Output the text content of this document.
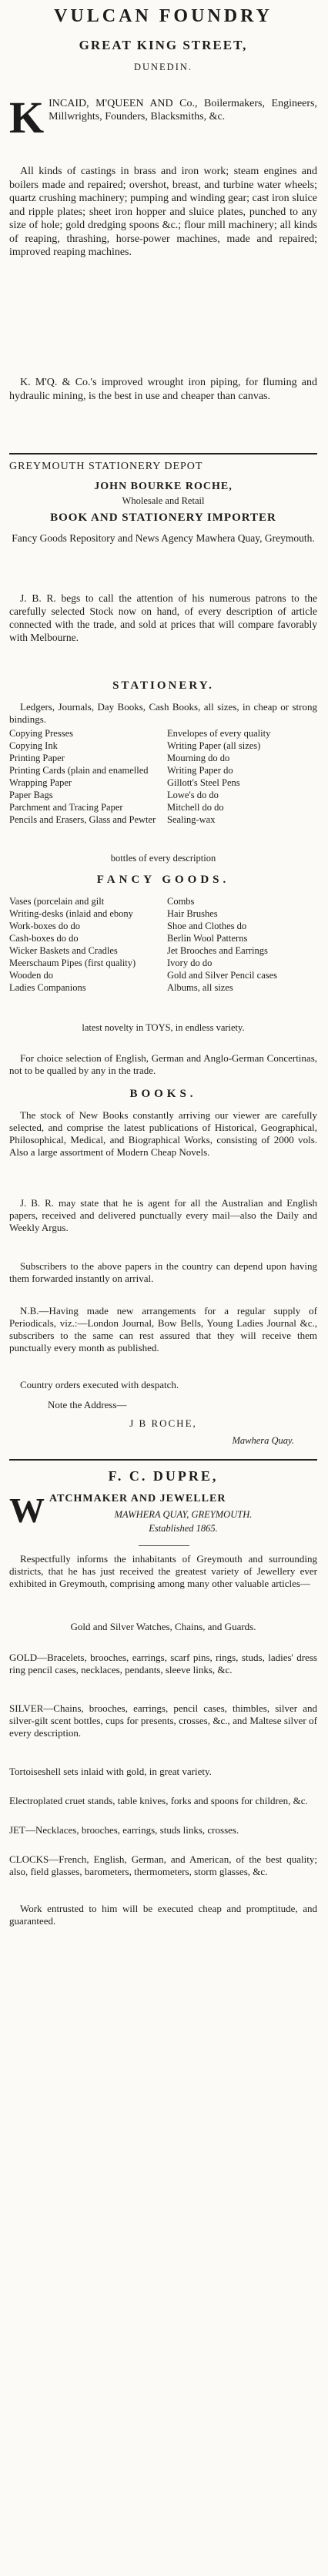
VULCAN FOUNDRY
GREAT KING STREET,
DUNEDIN.
K INCAID, M'QUEEN AND Co., Boilermakers, Engineers, Millwrights, Founders, Blacksmiths, &c.
All kinds of castings in brass and iron work; steam engines and boilers made and repaired; overshot, breast, and turbine water wheels; quartz crushing machinery; pumping and winding gear; cast iron sluice and ripple plates; sheet iron hopper and sluice plates, punched to any size of hole; gold dredging spoons &c.; flour mill machinery; all kinds of reaping, thrashing, horse-power machines, made and repaired; improved reaping machines.
K. M'Q. & Co.'s improved wrought iron piping, for fluming and hydraulic mining, is the best in use and cheaper than canvas.
GREYMOUTH STATIONERY DEPOT
JOHN BOURKE ROCHE,
Wholesale and Retail
BOOK AND STATIONERY IMPORTER
Fancy Goods Repository and News Agency Mawhera Quay, Greymouth.
J. B. R. begs to call the attention of his numerous patrons to the carefully selected Stock now on hand, of every description of article connected with the trade, and sold at prices that will compare favorably with Melbourne.
STATIONERY.
Ledgers, Journals, Day Books, Cash Books, all sizes, in cheap or strong bindings.
Copying Presses
Copying Ink
Printing Paper
Printing Cards (plain and enamelled
Wrapping Paper
Paper Bags
Parchment and Tracing Paper
Pencils and Erasers, Glass and Pewter
Envelopes of every quality
Writing Paper (all sizes)
Mourning do do
Writing Paper do
Gillott's Steel Pens
Lowe's do do
Mitchell do do
Sealing-wax
bottles of every description
FANCY GOODS.
Vases (porcelain and gilt
Writing-desks (inlaid and ebony
Work-boxes do do
Cash-boxes do do
Wicker Baskets and Cradles
Meerschaum Pipes (first quality)
Wooden do
Ladies Companions
Combs
Hair Brushes
Shoe and Clothes do
Berlin Wool Patterns
Jet Brooches and Earrings
Ivory do do
Gold and Silver Pencil cases
Albums, all sizes
latest novelty in TOYS, in endless variety.
For choice selection of English, German and Anglo-German Concertinas, not to be qualled by any in the trade.
BOOKS.
The stock of New Books constantly arriving our viewer are carefully selected, and comprise the latest publications of Historical, Geographical, Philosophical, Medical, and Biographical Works, consisting of 2000 vols. Also a large assortment of Modern Cheap Novels.
J. B. R. may state that he is agent for all the Australian and English papers, received and delivered punctually every mail—also the Daily and Weekly Argus.
Subscribers to the above papers in the country can depend upon having them forwarded instantly on arrival.
N.B.—Having made new arrangements for a regular supply of Periodicals, viz.:—London Journal, Bow Bells, Young Ladies Journal &c., subscribers to the same can rest assured that they will receive them punctually every month as published.
Country orders executed with despatch.
Note the Address—
J B ROCHE,
Mawhera Quay.
F. C. DUPRE,
W ATCHMAKER AND JEWELLER
MAWHERA QUAY, GREYMOUTH.
Established 1865.
Respectfully informs the inhabitants of Greymouth and surrounding districts, that he has just received the greatest variety of Jewellery ever exhibited in Greymouth, comprising among many other valuable articles—
Gold and Silver Watches, Chains, and Guards.
GOLD—Bracelets, brooches, earrings, scarf pins, rings, studs, ladies' dress ring pencil cases, necklaces, pendants, sleeve links, &c.
SILVER—Chains, brooches, earrings, pencil cases, thimbles, silver and silver-gilt scent bottles, cups for presents, crosses, &c., and Maltese silver of every description.
Tortoiseshell sets inlaid with gold, in great variety.
Electroplated cruet stands, table knives, forks and spoons for children, &c.
JET—Necklaces, brooches, earrings, studs links, crosses.
CLOCKS—French, English, German, and American, of the best quality; also, field glasses, barometers, thermometers, storm glasses, &c.
Work entrusted to him will be executed cheap and promptitude, and guaranteed.
